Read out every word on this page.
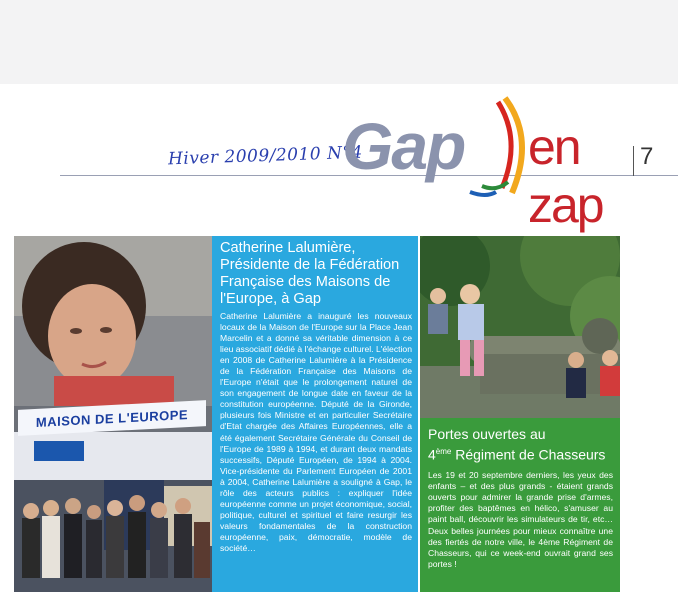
Hiver 2009/2010 N°4
Gap en zap
7
MAISON DE L'EUROPE
Catherine Lalumière, Présidente de la Fédération Française des Maisons de l'Europe, à Gap

Catherine Lalumière a inauguré les nouveaux locaux de la Maison de l'Europe sur la Place Jean Marcelin et a donné sa véritable dimension à ce lieu associatif dédié à l'échange culturel. L'élection en 2008 de Catherine Lalumière à la Présidence de la Fédération Française des Maisons de l'Europe n'était que le prolongement naturel de son engagement de longue date en faveur de la constitution européenne. Député de la Gironde, plusieurs fois Ministre et en particulier Secrétaire d'Etat chargée des Affaires Européennes, elle a été également Secrétaire Générale du Conseil de l'Europe de 1989 à 1994, et durant deux mandats successifs, Député Européen, de 1994 à 2004. Vice-présidente du Parlement Européen de 2001 à 2004, Catherine Lalumière a souligné à Gap, le rôle des acteurs publics : expliquer l'idée européenne comme un projet économique, social, politique, culturel et spirituel et faire resurgir les valeurs fondamentales de la construction européenne, paix, démocratie, modèle de société…

Portes ouvertes au
4ème Régiment de Chasseurs

Les 19 et 20 septembre derniers, les yeux des enfants – et des plus grands - étaient grands ouverts pour admirer la grande prise d'armes, profiter des baptêmes en hélico, s'amuser au paint ball, découvrir les simulateurs de tir, etc… Deux belles journées pour mieux connaître une des fiertés de notre ville, le 4ème Régiment de Chasseurs, qui ce week-end ouvrait grand ses portes !
